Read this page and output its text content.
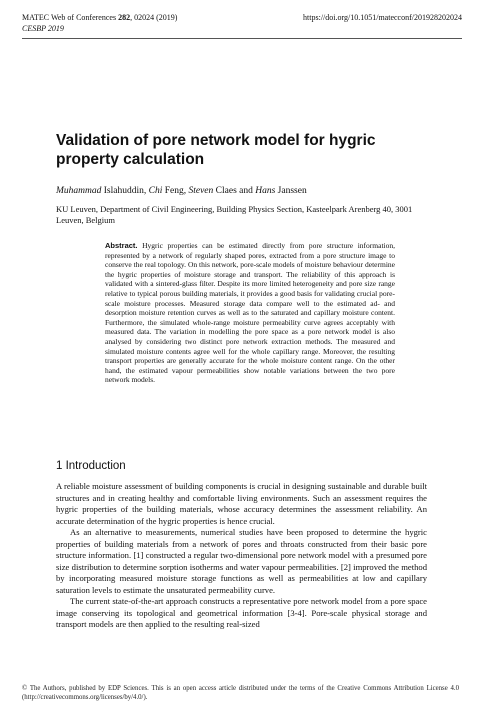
MATEC Web of Conferences 282, 02024 (2019)
CESBP 2019
https://doi.org/10.1051/matecconf/201928202024
Validation of pore network model for hygric property calculation
Muhammad Islahuddin, Chi Feng, Steven Claes and Hans Janssen
KU Leuven, Department of Civil Engineering, Building Physics Section, Kasteelpark Arenberg 40, 3001 Leuven, Belgium
Abstract. Hygric properties can be estimated directly from pore structure information, represented by a network of regularly shaped pores, extracted from a pore structure image to conserve the real topology. On this network, pore-scale models of moisture behaviour determine the hygric properties of moisture storage and transport. The reliability of this approach is validated with a sintered-glass filter. Despite its more limited heterogeneity and pore size range relative to typical porous building materials, it provides a good basis for validating crucial pore-scale moisture processes. Measured storage data compare well to the estimated ad- and desorption moisture retention curves as well as to the saturated and capillary moisture content. Furthermore, the simulated whole-range moisture permeability curve agrees acceptably with measured data. The variation in modelling the pore space as a pore network model is also analysed by considering two distinct pore network extraction methods. The measured and simulated moisture contents agree well for the whole capillary range. Moreover, the resulting transport properties are generally accurate for the whole moisture content range. On the other hand, the estimated vapour permeabilities show notable variations between the two pore network models.
1 Introduction

A reliable moisture assessment of building components is crucial in designing sustainable and durable built structures and in creating healthy and comfortable living environments. Such an assessment requires the hygric properties of the building materials, whose accuracy determines the assessment reliability. An accurate determination of the hygric properties is hence crucial.

As an alternative to measurements, numerical studies have been proposed to determine the hygric properties of building materials from a network of pores and throats constructed from their basic pore structure information. [1] constructed a regular two-dimensional pore network model with a presumed pore size distribution to determine sorption isotherms and water vapour permeabilities. [2] improved the method by incorporating measured moisture storage functions as well as permeabilities at low and capillary saturation levels to estimate the unsaturated permeability curve.

The current state-of-the-art approach constructs a representative pore network model from a pore space image conserving its topological and geometrical information [3-4]. Pore-scale physical storage and transport models are then applied to the resulting real-sized

© The Authors, published by EDP Sciences. This is an open access article distributed under the terms of the Creative Commons Attribution License 4.0 (http://creativecommons.org/licenses/by/4.0/).
